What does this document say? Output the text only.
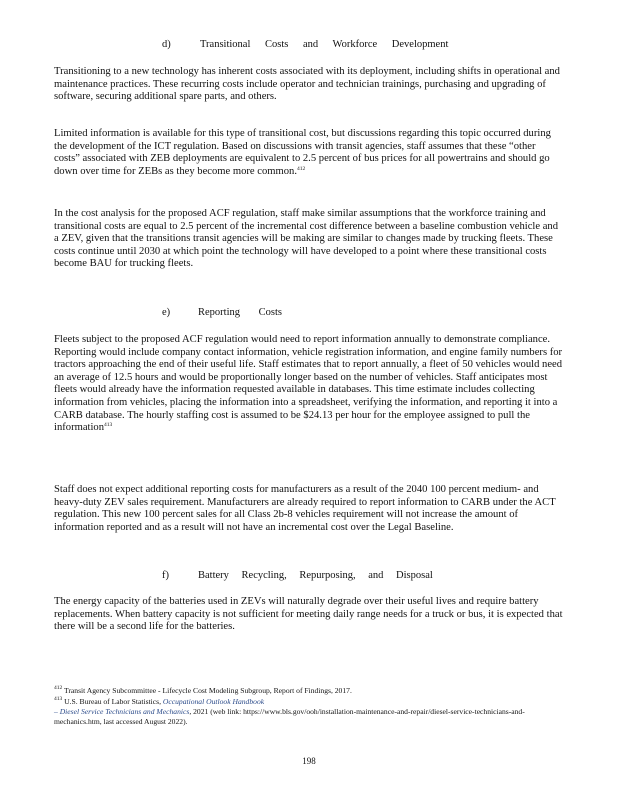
d)	Transitional Costs and Workforce Development
Transitioning to a new technology has inherent costs associated with its deployment, including shifts in operational and maintenance practices. These recurring costs include operator and technician trainings, purchasing and upgrading of software, securing additional spare parts, and others.
Limited information is available for this type of transitional cost, but discussions regarding this topic occurred during the development of the ICT regulation. Based on discussions with transit agencies, staff assumes that these “other costs” associated with ZEB deployments are equivalent to 2.5 percent of bus prices for all powertrains and should go down over time for ZEBs as they become more common.$^{412}$
In the cost analysis for the proposed ACF regulation, staff make similar assumptions that the workforce training and transitional costs are equal to 2.5 percent of the incremental cost difference between a baseline combustion vehicle and a ZEV, given that the transitions transit agencies will be making are similar to changes made by trucking fleets. These costs continue until 2030 at which point the technology will have developed to a point where these transitional costs become BAU for trucking fleets.
e)	Reporting Costs
Fleets subject to the proposed ACF regulation would need to report information annually to demonstrate compliance. Reporting would include company contact information, vehicle registration information, and engine family numbers for tractors approaching the end of their useful life. Staff estimates that to report annually, a fleet of 50 vehicles would need an average of 12.5 hours and would be proportionally longer based on the number of vehicles. Staff anticipates most fleets would already have the information requested available in databases. This time estimate includes collecting information from vehicles, placing the information into a spreadsheet, verifying the information, and reporting it into a CARB database. The hourly staffing cost is assumed to be $24.13 per hour for the employee assigned to pull the information$^{413}$
Staff does not expect additional reporting costs for manufacturers as a result of the 2040 100 percent medium- and heavy-duty ZEV sales requirement. Manufacturers are already required to report information to CARB under the ACT regulation. This new 100 percent sales for all Class 2b-8 vehicles requirement will not increase the amount of information reported and as a result will not have an incremental cost over the Legal Baseline.
f)	Battery Recycling, Repurposing, and Disposal
The energy capacity of the batteries used in ZEVs will naturally degrade over their useful lives and require battery replacements. When battery capacity is not sufficient for meeting daily range needs for a truck or bus, it is expected that there will be a second life for the batteries.
$^{412}$ Transit Agency Subcommittee - Lifecycle Cost Modeling Subgroup, Report of Findings, 2017.
$^{413}$ U.S. Bureau of Labor Statistics, Occupational Outlook Handbook
– Diesel Service Technicians and Mechanics, 2021 (web link: https://www.bls.gov/ooh/installation-maintenance-and-repair/diesel-service-technicians-and-mechanics.htm, last accessed August 2022).
198
